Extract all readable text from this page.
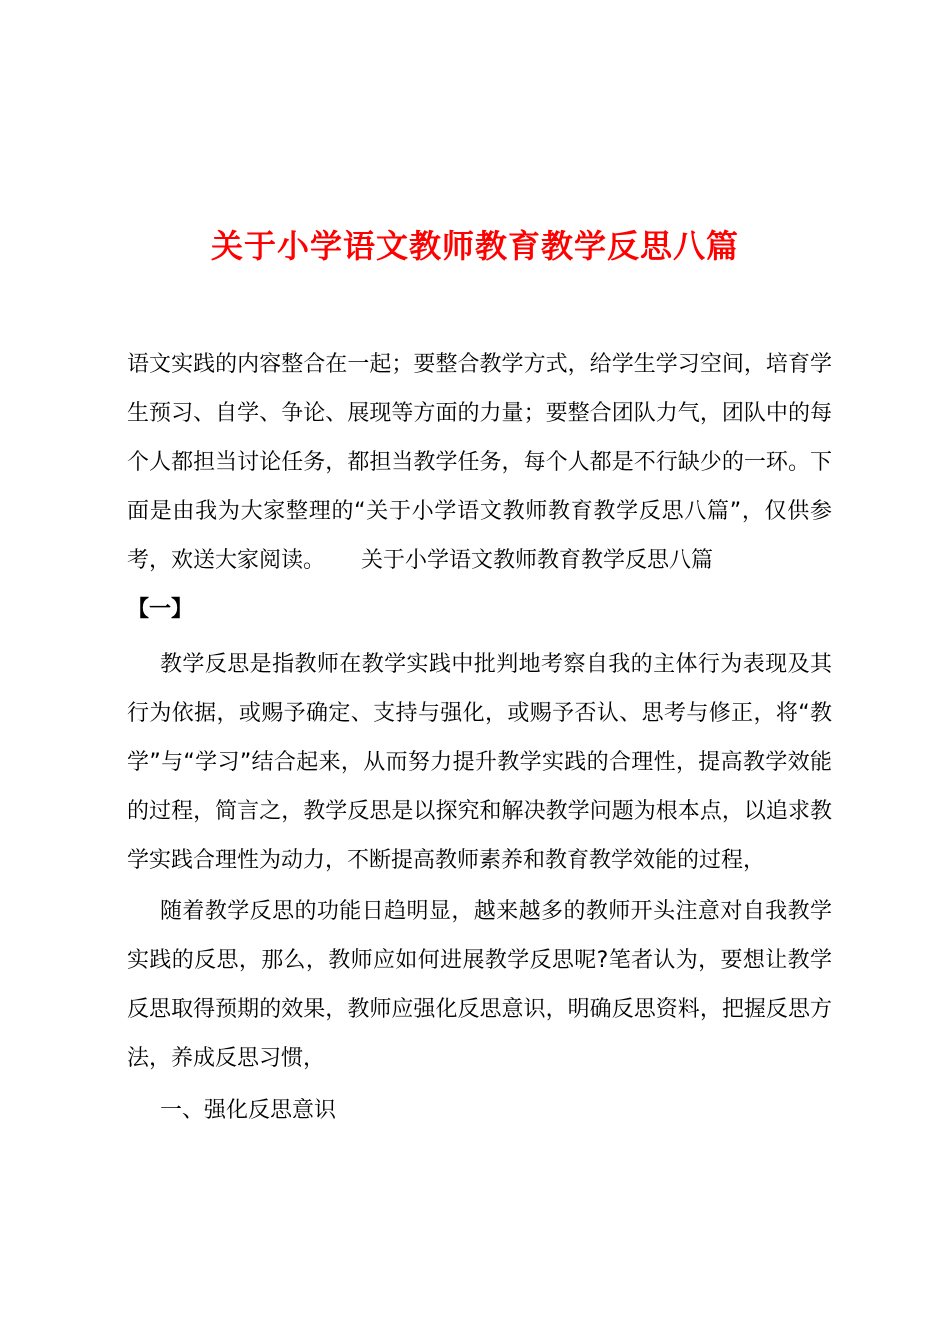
关于小学语文教师教育教学反思八篇

语文实践的内容整合在一起；要整合教学方式，给学生学习空间，培育学生预习、自学、争论、展现等方面的力量；要整合团队力气，团队中的每个人都担当讨论任务，都担当教学任务，每个人都是不行缺少的一环。下面是由我为大家整理的“关于小学语文教师教育教学反思八篇”，仅供参考，欢送大家阅读。 关于小学语文教师教育教学反思八篇
【一】

教学反思是指教师在教学实践中批判地考察自我的主体行为表现及其行为依据，或赐予确定、支持与强化，或赐予否认、思考与修正，将“教学”与“学习”结合起来，从而努力提升教学实践的合理性，提高教学效能的过程，简言之，教学反思是以探究和解决教学问题为根本点，以追求教学实践合理性为动力，不断提高教师素养和教育教学效能的过程，

随着教学反思的功能日趋明显，越来越多的教师开头注意对自我教学实践的反思，那么，教师应如何进展教学反思呢?笔者认为，要想让教学反思取得预期的效果，教师应强化反思意识，明确反思资料，把握反思方法，养成反思习惯，

一、强化反思意识
